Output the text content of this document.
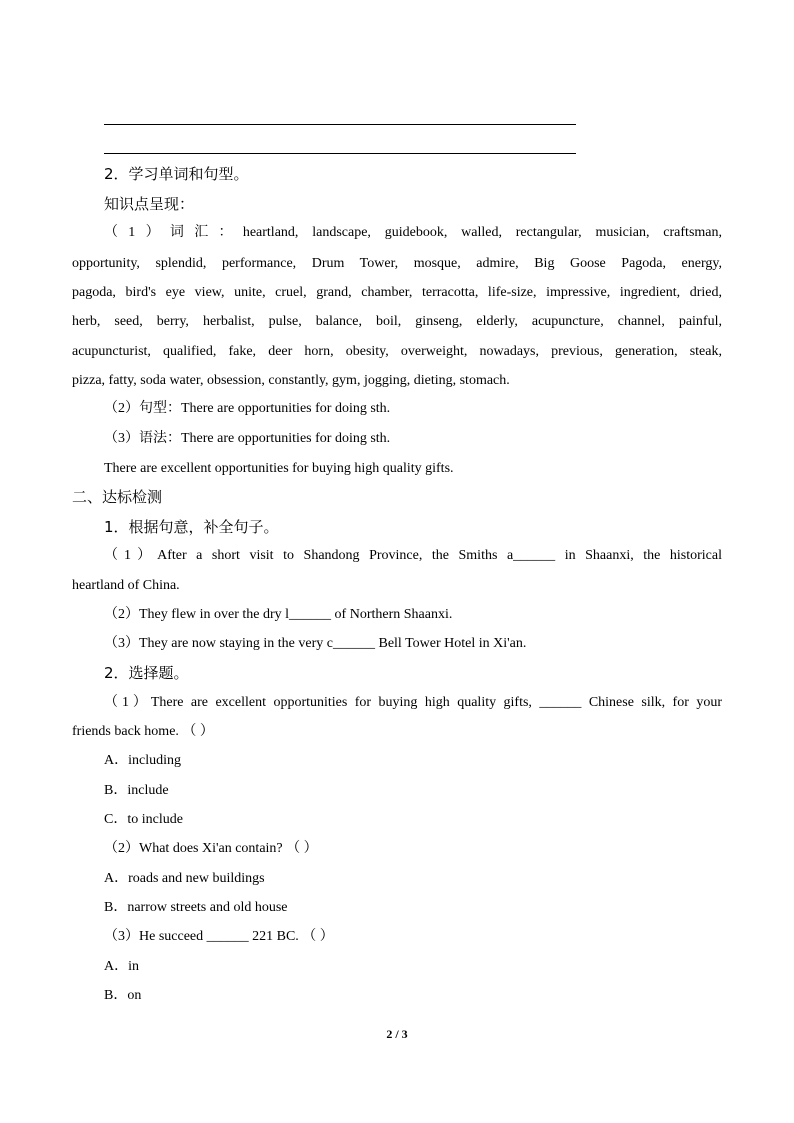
2．学习单词和句型。
知识点呈现：
（1）词汇：heartland, landscape, guidebook, walled, rectangular, musician, craftsman,
opportunity, splendid, performance, Drum Tower, mosque, admire, Big Goose Pagoda, energy,
pagoda, bird's eye view, unite, cruel, grand, chamber, terracotta, life-size, impressive, ingredient, dried,
herb, seed, berry, herbalist, pulse, balance, boil, ginseng, elderly, acupuncture, channel, painful,
acupuncturist, qualified, fake, deer horn, obesity, overweight, nowadays, previous, generation, steak,
pizza, fatty, soda water, obsession, constantly, gym, jogging, dieting, stomach.
（2）句型：There are opportunities for doing sth.
（3）语法：There are opportunities for doing sth.
There are excellent opportunities for buying high quality gifts.
二、达标检测
1．根据句意，补全句子。
（1）After a short visit to Shandong Province, the Smiths a______ in Shaanxi, the historical
heartland of China.
（2）They flew in over the dry l______ of Northern Shaanxi.
（3）They are now staying in the very c______ Bell Tower Hotel in Xi'an.
2．选择题。
（1）There are excellent opportunities for buying high quality gifts, ______ Chinese silk, for your
friends back home. （ ）
A．including
B．include
C．to include
（2）What does Xi'an contain? （ ）
A．roads and new buildings
B．narrow streets and old house
（3）He succeed ______ 221 BC. （ ）
A．in
B．on
2 / 3
